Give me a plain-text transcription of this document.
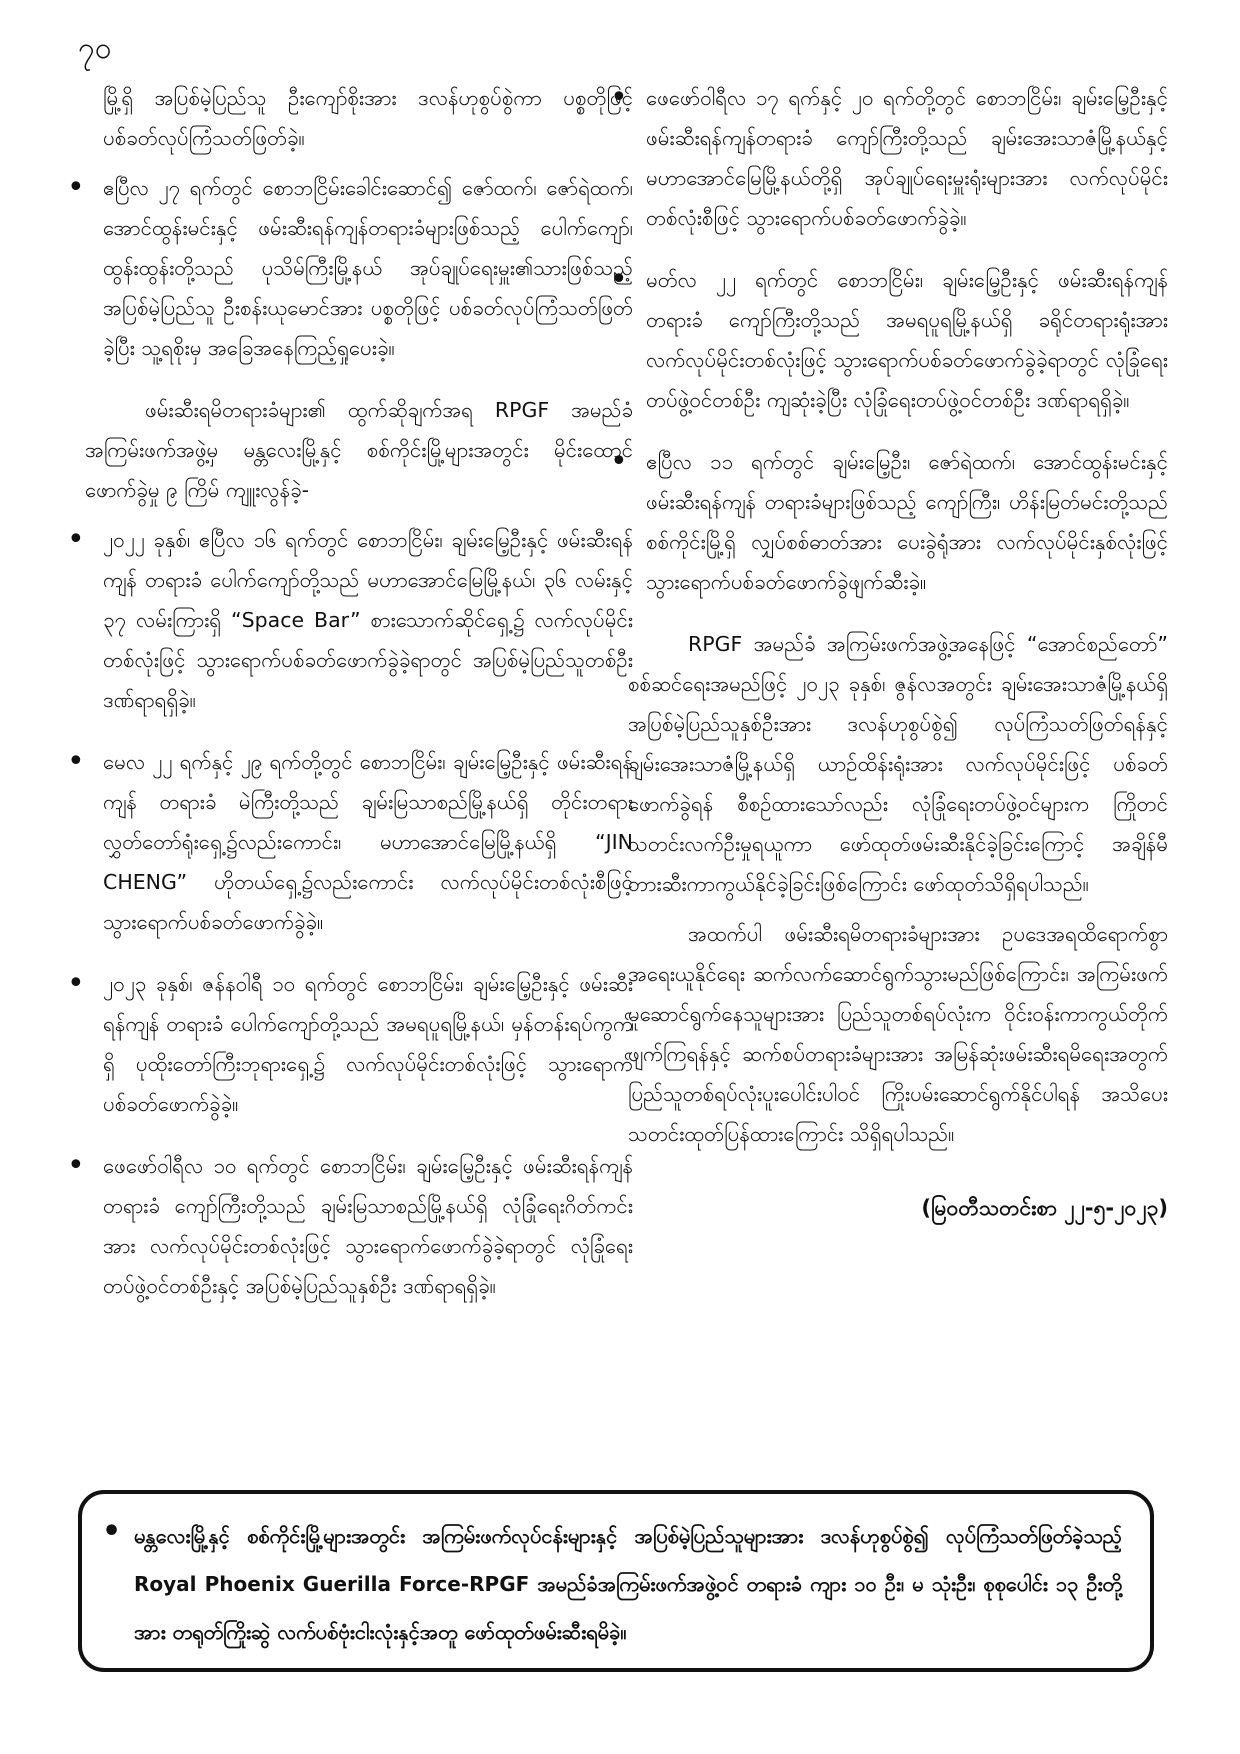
၇၀

မြို့ရှိ အပြစ်မဲ့ပြည်သူ ဦးကျော်စိုးအား ဒလန်ဟုစွပ်စွဲကာ ပစ္စတိုဖြင့် ပစ်ခတ်လုပ်ကြံသတ်ဖြတ်ခဲ့။

• ဧပြီလ ၂၇ ရက်တွင် စောဘငြိမ်းခေါင်းဆောင်၍ ဇော်ထက်၊ ဇော်ရဲထက်၊ အောင်ထွန်းမင်းနှင့် ဖမ်းဆီးရန်ကျန်တရားခံများဖြစ်သည့် ပေါက်ကျော်၊ ထွန်းထွန်းတို့သည် ပုသိမ်ကြီးမြို့နယ် အုပ်ချုပ်ရေးမှူး၏သားဖြစ်သည့် အပြစ်မဲ့ပြည်သူ ဦးစန်းယုမောင်အား ပစ္စတိုဖြင့် ပစ်ခတ်လုပ်ကြံသတ်ဖြတ်ခဲ့ပြီး သူ့ရစိုးမှ အခြေအနေကြည့်ရှုပေးခဲ့။

ဖမ်းဆီးရမိတရားခံများ၏ ထွက်ဆိုချက်အရ RPGF အမည်ခံအကြမ်းဖက်အဖွဲ့မှ မန္တလေးမြို့နှင့် စစ်ကိုင်းမြို့များအတွင်း မိုင်းထောင်ဖောက်ခွဲမှု ၉ ကြိမ် ကျူးလွန်ခဲ့-

• ၂၀၂၂ ခုနှစ်၊ ဧပြီလ ၁၆ ရက်တွင် စောဘငြိမ်း၊ ချမ်းမြေ့ဦးနှင့် ဖမ်းဆီးရန်ကျန် တရားခံ ပေါက်ကျော်တို့သည် မဟာအောင်မြေမြို့နယ်၊ ၃၆ လမ်းနှင့် ၃၇ လမ်းကြားရှိ “Space Bar” စားသောက်ဆိုင်ရှေ့၌ လက်လုပ်မိုင်းတစ်လုံးဖြင့် သွားရောက်ပစ်ခတ်ဖောက်ခွဲခဲ့ရာတွင် အပြစ်မဲ့ပြည်သူတစ်ဦး ဒဏ်ရာရရှိခဲ့။

• မေလ ၂၂ ရက်နှင့် ၂၉ ရက်တို့တွင် စောဘငြိမ်း၊ ချမ်းမြေ့ဦးနှင့် ဖမ်းဆီးရန်ကျန် တရားခံ မဲကြီးတို့သည် ချမ်းမြသာစည်မြို့နယ်ရှိ တိုင်းတရားလွှတ်တော်ရုံးရှေ့၌လည်းကောင်း၊ မဟာအောင်မြေမြို့နယ်ရှိ “JIN CHENG” ဟိုတယ်ရှေ့၌လည်းကောင်း လက်လုပ်မိုင်းတစ်လုံးစီဖြင့် သွားရောက်ပစ်ခတ်ဖောက်ခွဲခဲ့။

• ၂၀၂၃ ခုနှစ်၊ ဇန်နဝါရီ ၁၀ ရက်တွင် စောဘငြိမ်း၊ ချမ်းမြေ့ဦးနှင့် ဖမ်းဆီးရန်ကျန် တရားခံ ပေါက်ကျော်တို့သည် အမရပူရမြို့နယ်၊ မှန်တန်းရပ်ကွက်ရှိ ပုထိုးတော်ကြီးဘုရားရှေ့၌ လက်လုပ်မိုင်းတစ်လုံးဖြင့် သွားရောက်ပစ်ခတ်ဖောက်ခွဲခဲ့။

• ဖေဖော်ဝါရီလ ၁၀ ရက်တွင် စောဘငြိမ်း၊ ချမ်းမြေ့ဦးနှင့် ဖမ်းဆီးရန်ကျန် တရားခံ ကျော်ကြီးတို့သည် ချမ်းမြသာစည်မြို့နယ်ရှိ လုံခြုံရေးဂိတ်ကင်းအား လက်လုပ်မိုင်းတစ်လုံးဖြင့် သွားရောက်ဖောက်ခွဲခဲ့ရာတွင် လုံခြုံရေးတပ်ဖွဲ့ဝင်တစ်ဦးနှင့် အပြစ်မဲ့ပြည်သူနှစ်ဦး ဒဏ်ရာရရှိခဲ့။

• ဖေဖော်ဝါရီလ ၁၇ ရက်နှင့် ၂၀ ရက်တို့တွင် စောဘငြိမ်း၊ ချမ်းမြေ့ဦးနှင့် ဖမ်းဆီးရန်ကျန်တရားခံ ကျော်ကြီးတို့သည် ချမ်းအေးသာဇံမြို့နယ်နှင့် မဟာအောင်မြေမြို့နယ်တို့ရှိ အုပ်ချုပ်ရေးမှူးရုံးများအား လက်လုပ်မိုင်းတစ်လုံးစီဖြင့် သွားရောက်ပစ်ခတ်ဖောက်ခွဲခဲ့။

• မတ်လ ၂၂ ရက်တွင် စောဘငြိမ်း၊ ချမ်းမြေ့ဦးနှင့် ဖမ်းဆီးရန်ကျန် တရားခံ ကျော်ကြီးတို့သည် အမရပူရမြို့နယ်ရှိ ခရိုင်တရားရုံးအား လက်လုပ်မိုင်းတစ်လုံးဖြင့် သွားရောက်ပစ်ခတ်ဖောက်ခွဲခဲ့ရာတွင် လုံခြုံရေးတပ်ဖွဲ့ဝင်တစ်ဦး ကျဆုံးခဲ့ပြီး လုံခြုံရေးတပ်ဖွဲ့ဝင်တစ်ဦး ဒဏ်ရာရရှိခဲ့။

• ဧပြီလ ၁၁ ရက်တွင် ချမ်းမြေ့ဦး၊ ဇော်ရဲထက်၊ အောင်ထွန်းမင်းနှင့် ဖမ်းဆီးရန်ကျန် တရားခံများဖြစ်သည့် ကျော်ကြီး၊ ဟိန်းမြတ်မင်းတို့သည် စစ်ကိုင်းမြို့ရှိ လျှပ်စစ်ဓာတ်အား ပေးခွဲရုံအား လက်လုပ်မိုင်းနှစ်လုံးဖြင့် သွားရောက်ပစ်ခတ်ဖောက်ခွဲဖျက်ဆီးခဲ့။

RPGF အမည်ခံ အကြမ်းဖက်အဖွဲ့အနေဖြင့် “အောင်စည်တော်” စစ်ဆင်ရေးအမည်ဖြင့် ၂၀၂၃ ခုနှစ်၊ ဇွန်လအတွင်း ချမ်းအေးသာဇံမြို့နယ်ရှိ အပြစ်မဲ့ပြည်သူနှစ်ဦးအား ဒလန်ဟုစွပ်စွဲ၍ လုပ်ကြံသတ်ဖြတ်ရန်နှင့် ချမ်းအေးသာဇံမြို့နယ်ရှိ ယာဉ်ထိန်းရုံးအား လက်လုပ်မိုင်းဖြင့် ပစ်ခတ်ဖောက်ခွဲရန် စီစဉ်ထားသော်လည်း လုံခြုံရေးတပ်ဖွဲ့ဝင်များက ကြိုတင်သတင်းလက်ဦးမှုရယူကာ ဖော်ထုတ်ဖမ်းဆီးနိုင်ခဲ့ခြင်းကြောင့် အချိန်မီ တားဆီးကာကွယ်နိုင်ခဲ့ခြင်းဖြစ်ကြောင်း ဖော်ထုတ်သိရှိရပါသည်။

အထက်ပါ ဖမ်းဆီးရမိတရားခံများအား ဥပဒေအရထိရောက်စွာအရေးယူနိုင်ရေး ဆက်လက်ဆောင်ရွက်သွားမည်ဖြစ်ကြောင်း၊ အကြမ်းဖက်မှုဆောင်ရွက်နေသူများအား ပြည်သူတစ်ရပ်လုံးက ဝိုင်းဝန်းကာကွယ်တိုက်ဖျက်ကြရန်နှင့် ဆက်စပ်တရားခံများအား အမြန်ဆုံးဖမ်းဆီးရမိရေးအတွက် ပြည်သူတစ်ရပ်လုံးပူးပေါင်းပါဝင် ကြိုးပမ်းဆောင်ရွက်နိုင်ပါရန် အသိပေးသတင်းထုတ်ပြန်ထားကြောင်း သိရှိရပါသည်။

(မြဝတီသတင်းစာ ၂၂-၅-၂၀၂၃)

• မန္တလေးမြို့နှင့် စစ်ကိုင်းမြို့များအတွင်း အကြမ်းဖက်လုပ်ငန်းများနှင့် အပြစ်မဲ့ပြည်သူများအား ဒလန်ဟုစွပ်စွဲ၍ လုပ်ကြံသတ်ဖြတ်ခဲ့သည့် Royal Phoenix Guerilla Force-RPGF အမည်ခံအကြမ်းဖက်အဖွဲ့ဝင် တရားခံ ကျား ၁၀ ဦး၊ မ သုံးဦး၊ စုစုပေါင်း ၁၃ ဦးတို့အား တရုတ်ကြိုးဆွဲ လက်ပစ်ဗုံးငါးလုံးနှင့်အတူ ဖော်ထုတ်ဖမ်းဆီးရမိခဲ့။
